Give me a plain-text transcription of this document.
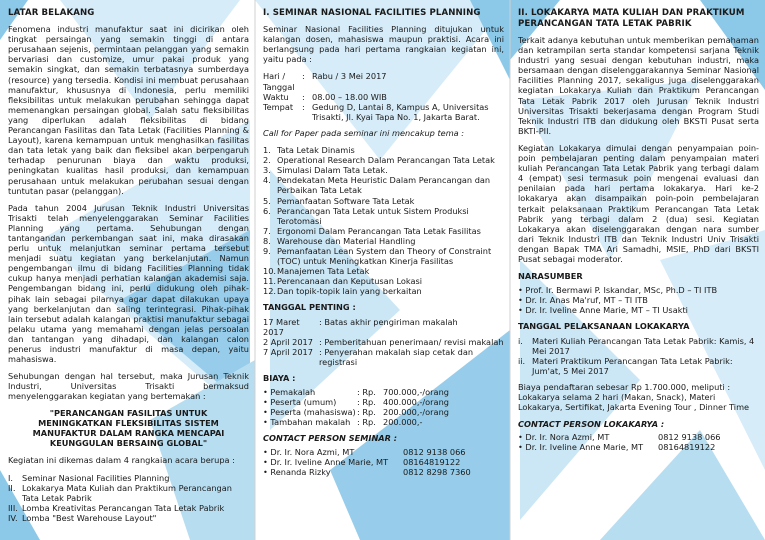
LATAR BELAKANG
Fenomena industri manufaktur saat ini dicirikan oleh tingkat persaingan yang semakin tinggi di antara perusahaan sejenis, permintaan pelanggan yang semakin bervariasi dan customize, umur pakai produk yang semakin singkat, dan semakin terbatasnya sumberdaya (resource) yang tersedia. Kondisi ini membuat perusahaan manufaktur, khususnya di Indonesia, perlu memiliki fleksibilitas untuk melakukan perubahan sehingga dapat memenangkan persaingan global. Salah satu fleksibilitas yang diperlukan adalah fleksibilitas di bidang Perancangan Fasilitas dan Tata Letak (Facilities Planning & Layout), karena kemampuan untuk menghasilkan fasilitas dan tata letak yang baik dan fleksibel akan berpengaruh terhadap penurunan biaya dan waktu produksi, peningkatan kualitas hasil produksi, dan kemampuan perusahaan untuk melakukan perubahan sesuai dengan tuntutan pasar (pelanggan).
Pada tahun 2004 Jurusan Teknik Industri Universitas Trisakti telah menyelenggarakan Seminar Facilities Planning yang pertama. Sehubungan dengan tantangandan perkembangan saat ini, maka dirasakan perlu untuk melanjutkan seminar pertama tersebut menjadi suatu kegiatan yang berkelanjutan. Namun pengembangan ilmu di bidang Facilities Planning tidak cukup hanya menjadi perhatian kalangan akademisi saja. Pengembangan bidang ini, perlu didukung oleh pihak-pihak lain sebagai pilarnya agar dapat dilakukan upaya yang berkelanjutan dan saling terintegrasi. Pihak-pihak lain tersebut adalah kalangan praktisi manufaktur sebagai pelaku utama yang memahami dengan jelas persoalan dan tantangan yang dihadapi, dan kalangan calon penerus industri manufaktur di masa depan, yaitu mahasiswa.
Sehubungan dengan hal tersebut, maka Jurusan Teknik Industri, Universitas Trisakti bermaksud menyelenggarakan kegiatan yang bertemakan :
"PERANCANGAN FASILITAS UNTUK MENINGKATKAN FLEKSIBILITAS SISTEM MANUFAKTUR DALAM RANGKA MENCAPAI KEUNGGULAN BERSAING GLOBAL"
Kegiatan ini dikemas dalam 4 rangkaian acara berupa :
I.	Seminar Nasional Facilities Planning
II. Lokakarya Mata Kuliah dan Praktikum Perancangan Tata Letak Pabrik
III. Lomba Kreativitas Perancangan Tata Letak Pabrik
IV. Lomba "Best Warehouse Layout"
I. SEMINAR NASIONAL FACILITIES PLANNING
Seminar Nasional Facilities Planning ditujukan untuk kalangan dosen, mahasiswa maupun praktisi. Acara ini berlangsung pada hari pertama rangkaian kegiatan ini, yaitu pada :
Hari / Tanggal
: Rabu / 3 Mei 2017
Waktu	: 08.00 – 18.00 WIB
Tempat	: Gedung D, Lantai 8, Kampus A, Universitas Trisakti, Jl. Kyai Tapa No. 1, Jakarta Barat.
Call for Paper pada seminar ini mencakup tema :
1. Tata Letak Dinamis
2. Operational Research Dalam Perancangan Tata Letak
3. Simulasi Dalam Tata Letak.
4. Pendekatan Meta Heuristic Dalam Perancangan dan Perbaikan Tata Letak
5. Pemanfaatan Software Tata Letak
6. Perancangan Tata Letak untuk Sistem Produksi Terotomasi
7. Ergonomi Dalam Perancangan Tata Letak Fasilitas
8. Warehouse dan Material Handling
9. Pemanfaatan Lean System dan Theory of Constraint (TOC) untuk Meningkatkan Kinerja Fasilitas
10. Manajemen Tata Letak
11. Perencanaan dan Keputusan Lokasi
12. Dan topik-topik lain yang berkaitan
TANGGAL PENTING :
17 Maret 2017
: Batas akhir pengiriman makalah
2 April 2017 : Pemberitahuan penerimaan/ revisi makalah
7 April 2017 : Penyerahan makalah siap cetak dan registrasi
BIAYA :
• Pemakalah	: Rp. 700.000,-/orang
• Peserta (umum)	: Rp. 400.000,-/orang
• Peserta (mahasiswa) : Rp. 200.000,-/orang
• Tambahan makalah : Rp. 200.000,-
CONTACT PERSON SEMINAR :
• Dr. Ir. Nora Azmi, MT	0812 9138 066
• Dr. Ir. Iveline Anne Marie, MT	08164819122
• Renanda Rizky	0812 8298 7360
II. LOKAKARYA MATA KULIAH DAN PRAKTIKUM PERANCANGAN TATA LETAK PABRIK
Terkait adanya kebutuhan untuk memberikan pemahaman dan ketrampilan serta standar kompetensi sarjana Teknik Industri yang sesuai dengan kebutuhan industri, maka bersamaan dengan diselenggarakannya Seminar Nasional Facilities Planning 2017, sekaligus juga diselenggarakan kegiatan Lokakarya Kuliah dan Praktikum Perancangan Tata Letak Pabrik 2017 oleh Jurusan Teknik Industri Universitas Trisakti bekerjasama dengan Program Studi Teknik Industri ITB dan didukung oleh BKSTI Pusat serta BKTI-PII.
Kegiatan Lokakarya dimulai dengan penyampaian poin-poin pembelajaran penting dalam penyampaian materi kuliah Perancangan Tata Letak Pabrik yang terbagi dalam 4 (empat) sesi termasuk poin mengenai evaluasi dan penilaian pada hari pertama lokakarya. Hari ke-2 lokakarya akan disampaikan poin-poin pembelajaran terkait pelaksanaan Praktikum Perancangan Tata Letak Pabrik yang terbagi dalam 2 (dua) sesi. Kegiatan Lokakarya akan diselenggarakan dengan nara sumber dari Teknik Industri ITB dan Teknik Industri Univ Trisakti dengan Bapak TMA Ari Samadhi, MSIE, PhD dari BKSTI Pusat sebagai moderator.
NARASUMBER
• Prof. Ir. Bermawi P. Iskandar, MSc, Ph.D – TI ITB
• Dr. Ir. Anas Ma'ruf, MT – TI ITB
• Dr. Ir. Iveline Anne Marie, MT – TI Usakti
TANGGAL PELAKSANAAN LOKAKARYA
i.	Materi Kuliah Perancangan Tata Letak Pabrik: Kamis, 4 Mei 2017
ii. Materi Praktikum Perancangan Tata Letak Pabrik: Jum'at, 5 Mei 2017
Biaya pendaftaran sebesar Rp 1.700.000, meliputi : Lokakarya selama 2 hari (Makan, Snack), Materi Lokakarya, Sertifikat, Jakarta Evening Tour , Dinner Time
CONTACT PERSON LOKAKARYA :
• Dr. Ir. Nora Azmi, MT	0812 9138 066
• Dr. Ir. Iveline Anne Marie, MT	08164819122
